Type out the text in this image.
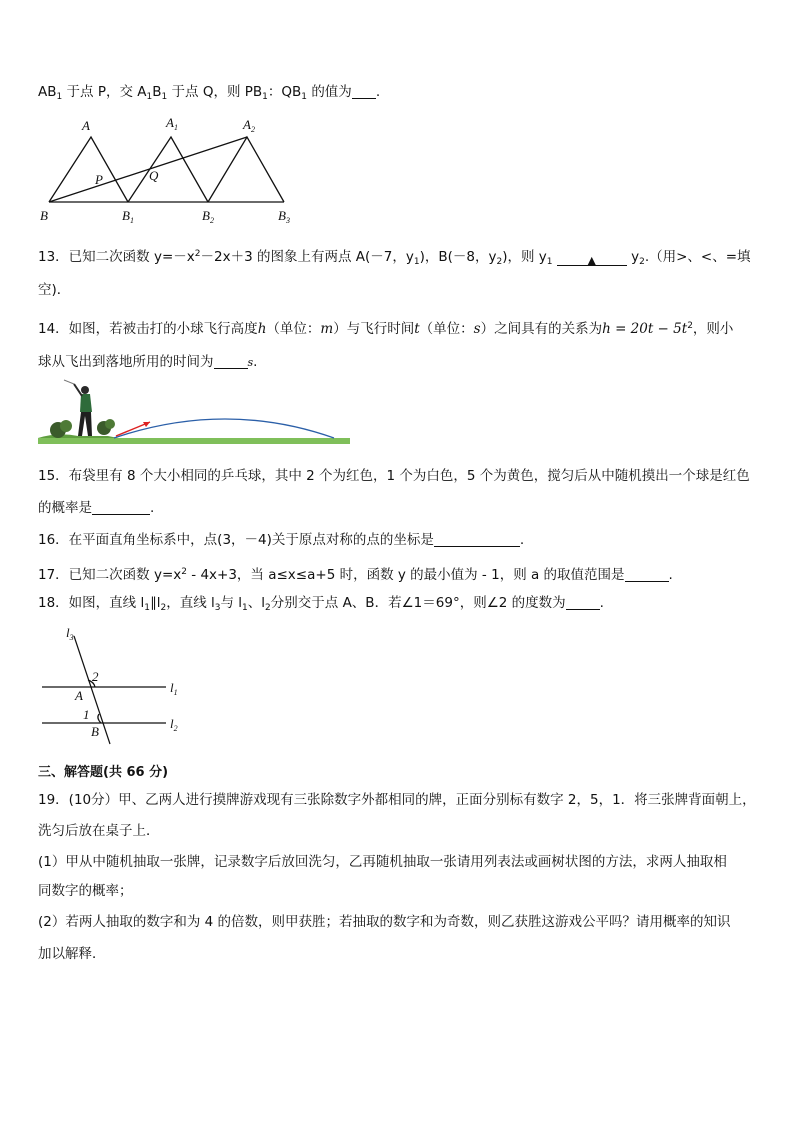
$AB_1$ 于点 P，交 $A_1B_1$ 于点 Q，则 $PB_1$：$QB_1$ 的值为 .
A	$A_1$	$A_2$
P	Q
B	$B_1$	$B_2$	$B_3$
13．已知二次函数 $y=-x^2-2x+3$ 的图象上有两点 A(－7，$y_1$)，B(－8，$y_2$)，则 $y_1$	▲	$y_2$.（用>、<、=填
空)．
14．如图，若被击打的小球飞行高度h（单位：m）与飞行时间t（单位：s）之间具有的关系为$h = 20t - 5t^2$，则小
球从飞出到落地所用的时间为	s.
15．布袋里有 8 个大小相同的乒乓球，其中 2 个为红色，1 个为白色，5 个为黄色，搅匀后从中随机摸出一个球是红色
的概率是	.
16．在平面直角坐标系中，点(3，－4)关于原点对称的点的坐标是	.
17．已知二次函数 $y=x^2 - 4x+3$，当 a≤x≤a+5 时，函数 y 的最小值为 - 1，则 a 的取值范围是	.
18．如图，直线 $l_1\parallel l_2$，直线 $l_3$与 $l_1$、$l_2$分别交于点 A、B．若∠1＝69°，则∠2 的度数为	.
$l_3$
$l_1$
$l_2$
2
A
1
B
三、解答题(共 66 分)
19．(10分）甲、乙两人进行摸牌游戏现有三张除数字外都相同的牌，正面分别标有数字 2，5，1．将三张牌背面朝上，
洗匀后放在桌子上．
(1）甲从中随机抽取一张牌，记录数字后放回洗匀，乙再随机抽取一张请用列表法或画树状图的方法，求两人抽取相
同数字的概率；
(2）若两人抽取的数字和为 4 的倍数，则甲获胜；若抽取的数字和为奇数，则乙获胜这游戏公平吗？请用概率的知识
加以解释．
